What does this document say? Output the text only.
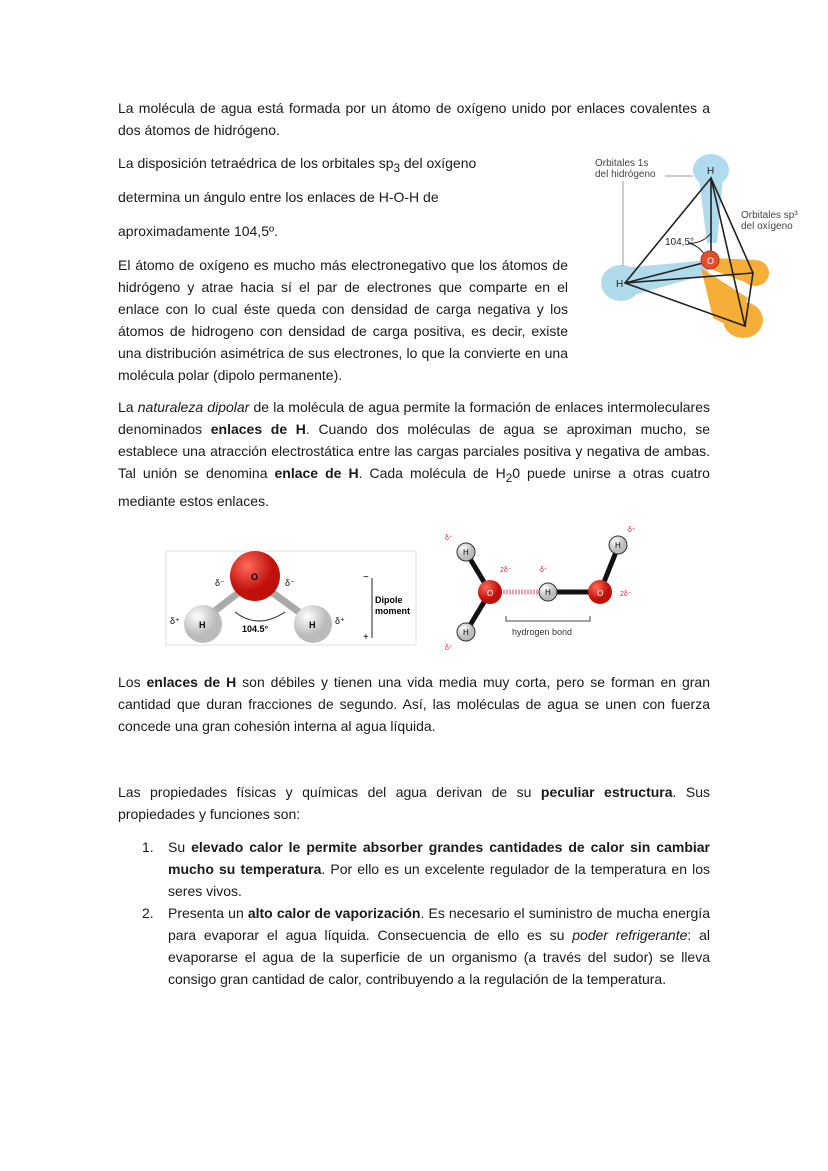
La molécula de agua está formada por un átomo de oxígeno unido por enlaces covalentes a dos átomos de hidrógeno.

La disposición tetraédrica de los orbitales $sp_3$ del oxígeno

determina un ángulo entre los enlaces de H-O-H de

aproximadamente 104,5º.

El átomo de oxígeno es mucho más electronegativo que los átomos de hidrógeno y atrae hacia sí el par de electrones que comparte en el enlace con lo cual éste queda con densidad de carga negativa y los átomos de hidrogeno con densidad de carga positiva, es decir, existe una distribución asimétrica de sus electrones, lo que la convierte en una molécula polar (dipolo permanente).

O
H
H
Orbitales 1s
del hidrógeno
Orbitales sp³
del oxígeno
104,5°

La naturaleza dipolar de la molécula de agua permite la formación de enlaces intermoleculares denominados enlaces de H. Cuando dos moléculas de agua se aproximan mucho, se establece una atracción electrostática entre las cargas parciales positiva y negativa de ambas. Tal unión se denomina enlace de H. Cada molécula de $H_20$ puede unirse a otras cuatro mediante estos enlaces.

O
H	H
δ⁻	δ⁻
δ⁺	δ⁺
104.5°
−
+
Dipole
moment
O	O
H
H
H
H
δ⁺
δ⁺
δ⁺
δ⁺
2δ⁻
2δ⁻
hydrogen bond

Los enlaces de H son débiles y tienen una vida media muy corta, pero se forman en gran cantidad que duran fracciones de segundo. Así, las moléculas de agua se unen con fuerza concede una gran cohesión interna al agua líquida.

Las propiedades físicas y químicas del agua derivan de su peculiar estructura. Sus propiedades y funciones son:

1. Su elevado calor le permite absorber grandes cantidades de calor sin cambiar mucho su temperatura. Por ello es un excelente regulador de la temperatura en los seres vivos.
2. Presenta un alto calor de vaporización. Es necesario el suministro de mucha energía para evaporar el agua líquida. Consecuencia de ello es su poder refrigerante: al evaporarse el agua de la superficie de un organismo (a través del sudor) se lleva consigo gran cantidad de calor, contribuyendo a la regulación de la temperatura.
